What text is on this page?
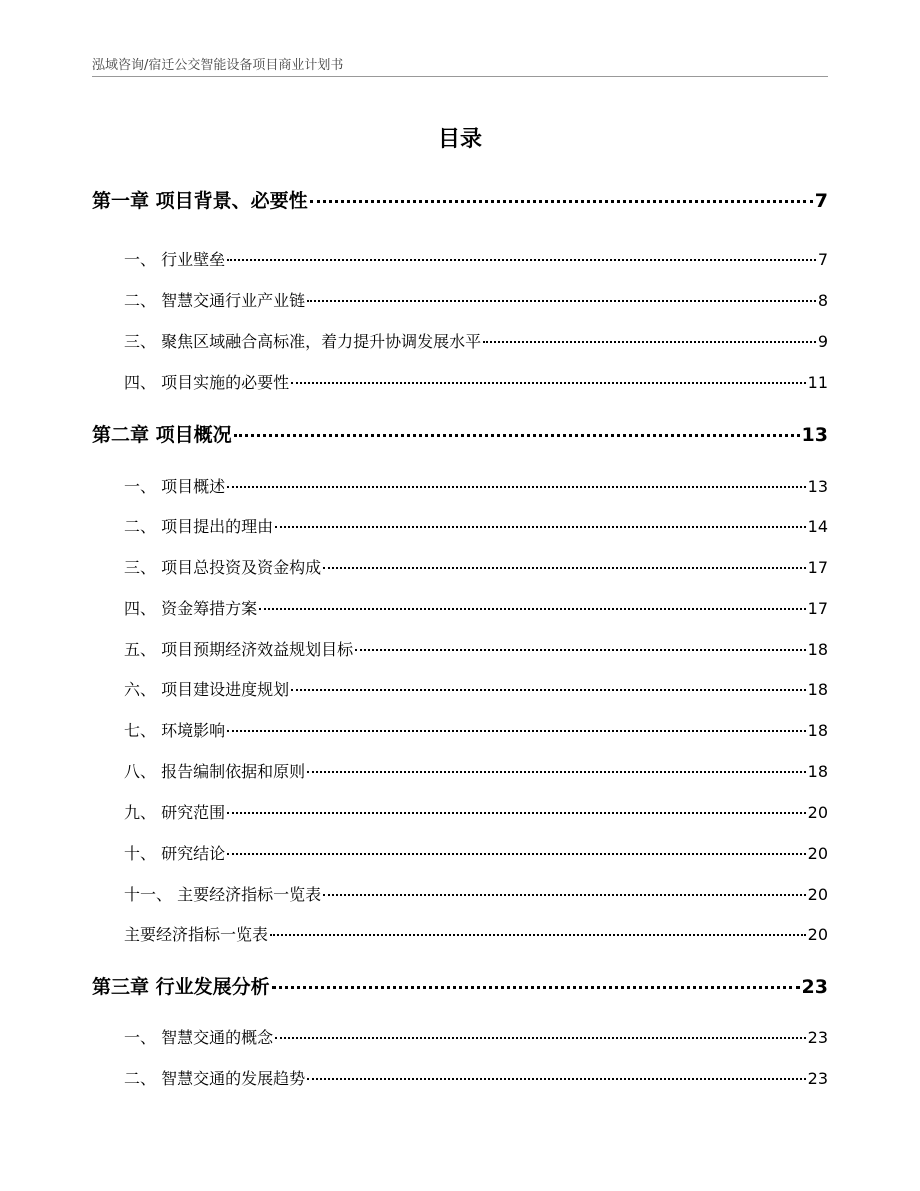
泓域咨询/宿迁公交智能设备项目商业计划书
目录
第一章 项目背景、必要性	7
一、 行业壁垒	7
二、 智慧交通行业产业链	8
三、 聚焦区域融合高标准，着力提升协调发展水平	9
四、 项目实施的必要性	11
第二章 项目概况	13
一、 项目概述	13
二、 项目提出的理由	14
三、 项目总投资及资金构成	17
四、 资金筹措方案	17
五、 项目预期经济效益规划目标	18
六、 项目建设进度规划	18
七、 环境影响	18
八、 报告编制依据和原则	18
九、 研究范围	20
十、 研究结论	20
十一、 主要经济指标一览表	20
主要经济指标一览表	20
第三章 行业发展分析	23
一、 智慧交通的概念	23
二、 智慧交通的发展趋势	23
